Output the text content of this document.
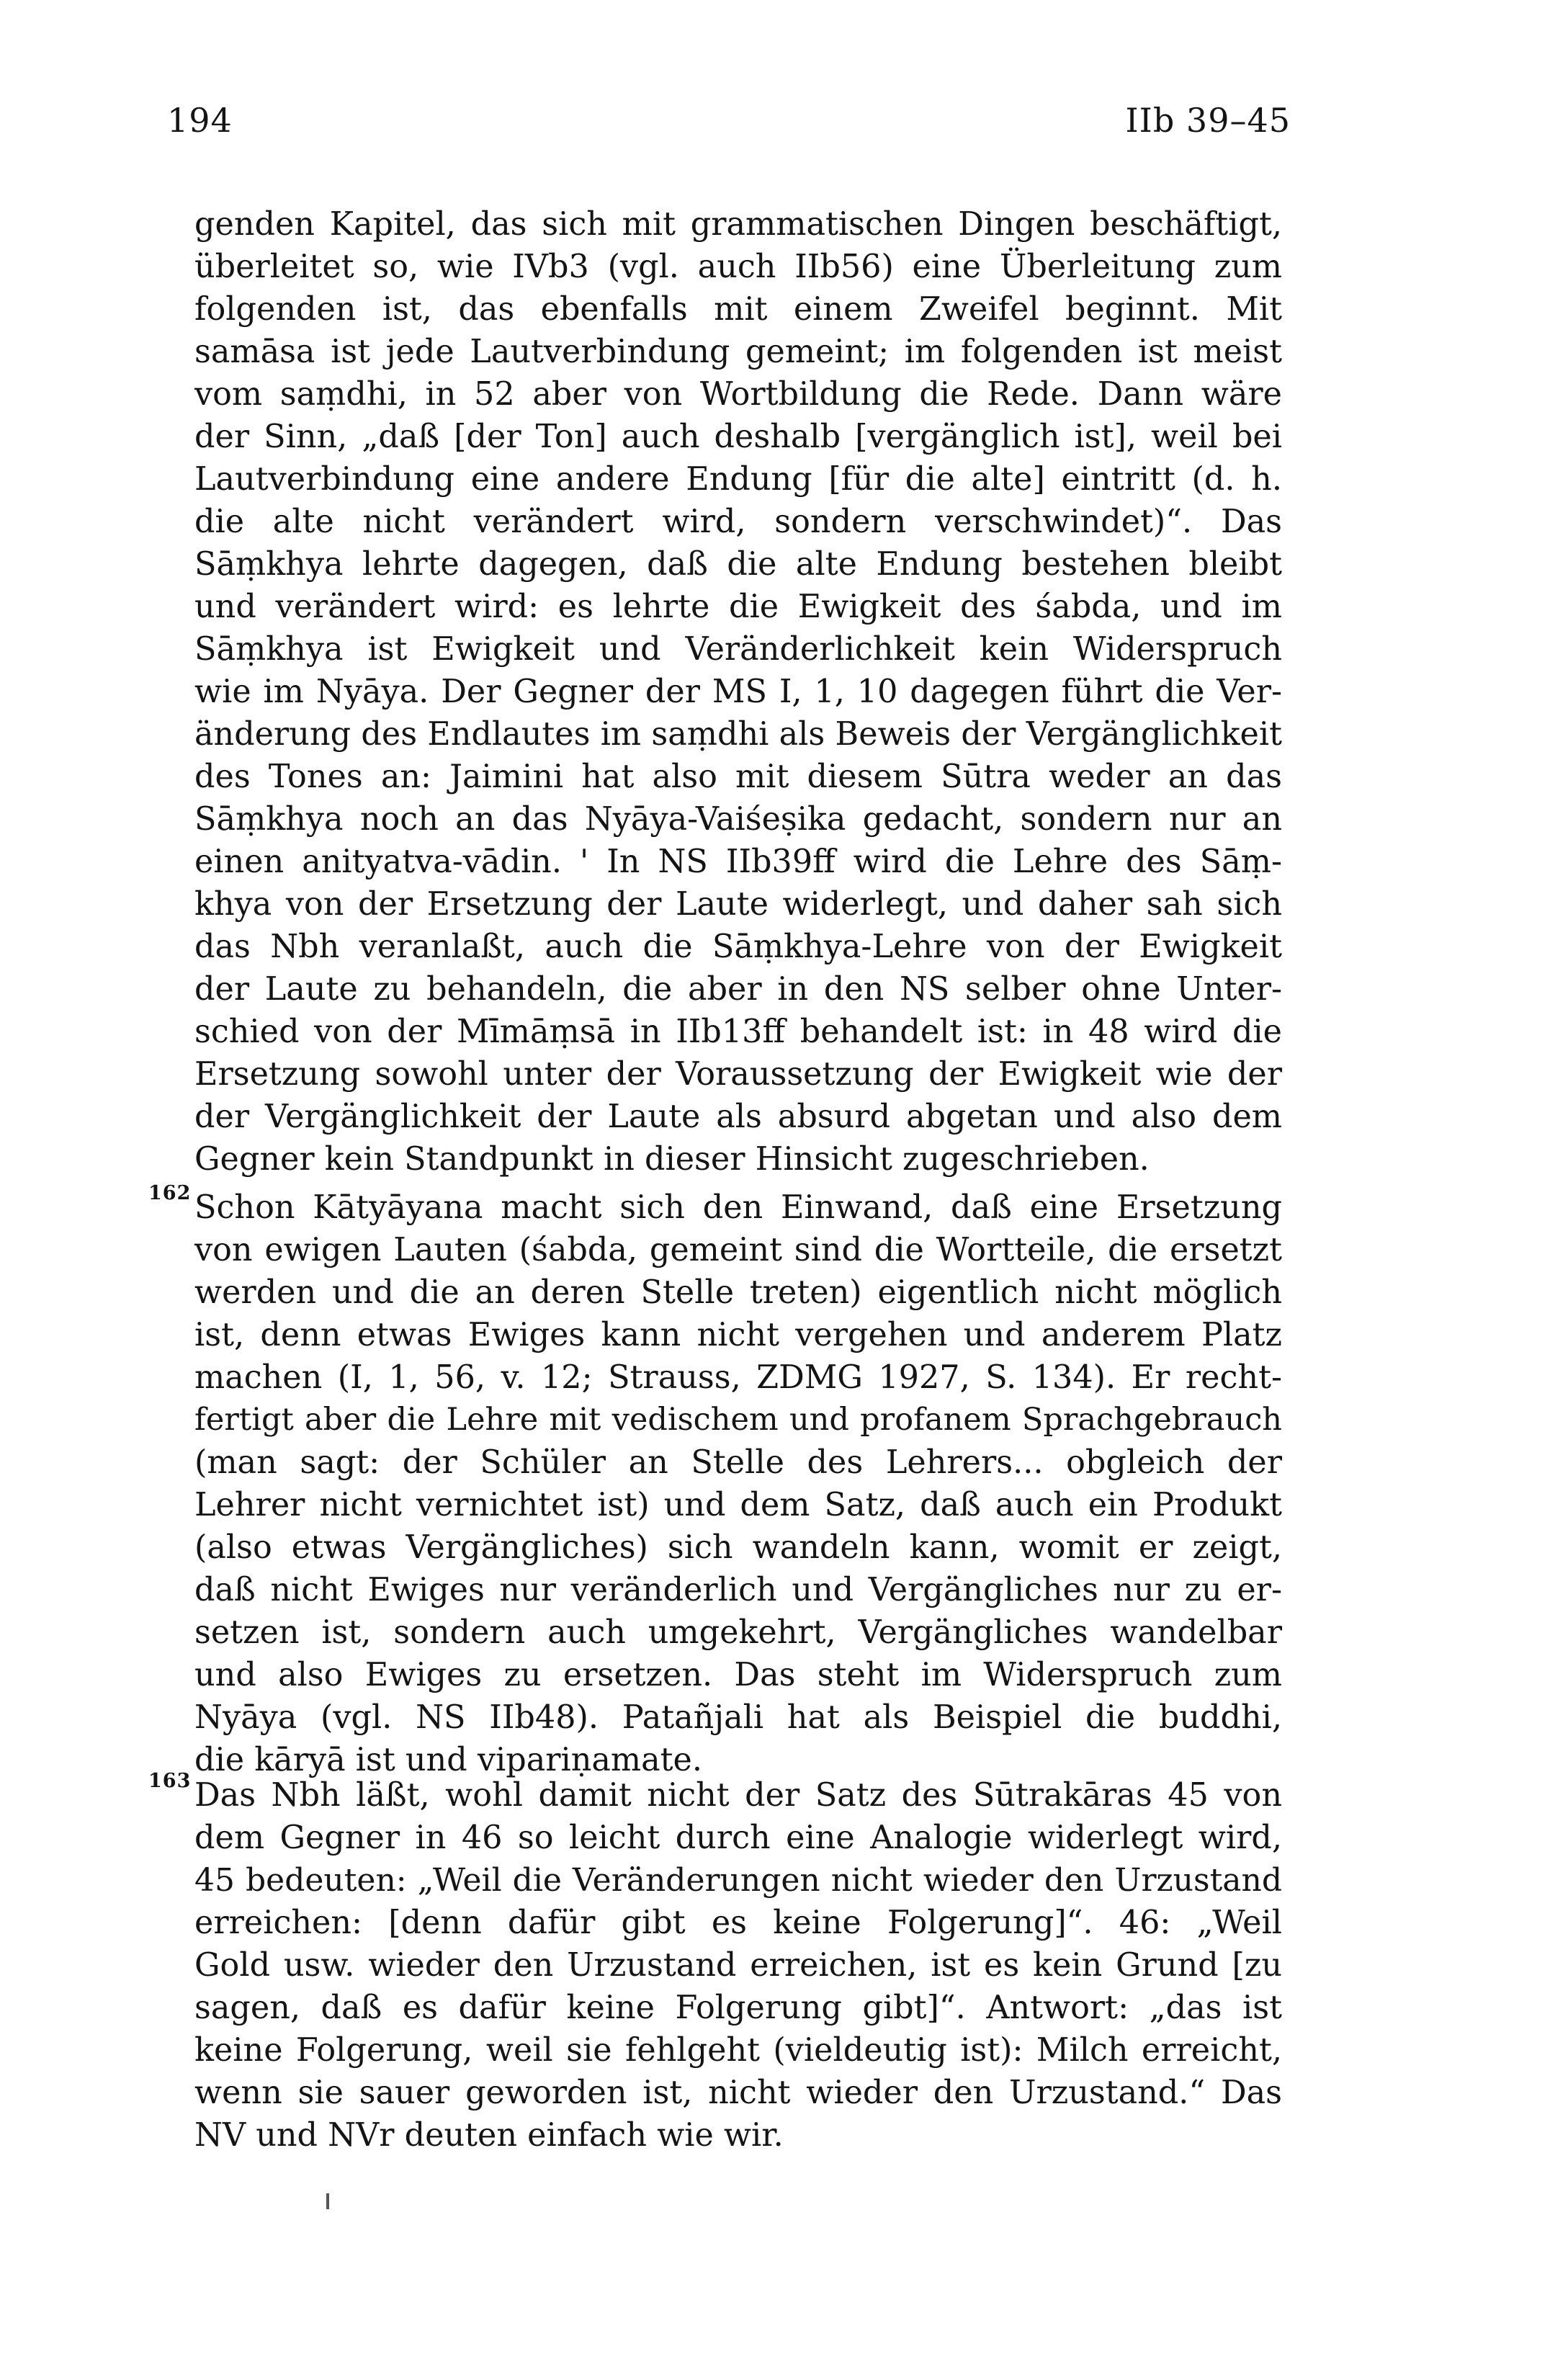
194	IIb 39–45
genden Kapitel, das sich mit grammatischen Dingen beschäftigt,
überleitet so, wie IVb3 (vgl. auch IIb56) eine Überleitung zum
folgenden ist, das ebenfalls mit einem Zweifel beginnt. Mit
samāsa ist jede Lautverbindung gemeint; im folgenden ist meist
vom saṃdhi, in 52 aber von Wortbildung die Rede. Dann wäre
der Sinn, „daß [der Ton] auch deshalb [vergänglich ist], weil bei
Lautverbindung eine andere Endung [für die alte] eintritt (d. h.
die alte nicht verändert wird, sondern verschwindet)“. Das
Sāṃkhya lehrte dagegen, daß die alte Endung bestehen bleibt
und verändert wird: es lehrte die Ewigkeit des śabda, und im
Sāṃkhya ist Ewigkeit und Veränderlichkeit kein Widerspruch
wie im Nyāya. Der Gegner der MS I, 1, 10 dagegen führt die Ver-
änderung des Endlautes im saṃdhi als Beweis der Vergänglichkeit
des Tones an: Jaimini hat also mit diesem Sūtra weder an das
Sāṃkhya noch an das Nyāya-Vaiśeṣika gedacht, sondern nur an
einen anityatva-vādin. ' In NS IIb39ff wird die Lehre des Sāṃ-
khya von der Ersetzung der Laute widerlegt, und daher sah sich
das Nbh veranlaßt, auch die Sāṃkhya-Lehre von der Ewigkeit
der Laute zu behandeln, die aber in den NS selber ohne Unter-
schied von der Mīmāṃsā in IIb13ff behandelt ist: in 48 wird die
Ersetzung sowohl unter der Voraussetzung der Ewigkeit wie der
der Vergänglichkeit der Laute als absurd abgetan und also dem
Gegner kein Standpunkt in dieser Hinsicht zugeschrieben.
162 Schon Kātyāyana macht sich den Einwand, daß eine Ersetzung
von ewigen Lauten (śabda, gemeint sind die Wortteile, die ersetzt
werden und die an deren Stelle treten) eigentlich nicht möglich
ist, denn etwas Ewiges kann nicht vergehen und anderem Platz
machen (I, 1, 56, v. 12; Strauss, ZDMG 1927, S. 134). Er recht-
fertigt aber die Lehre mit vedischem und profanem Sprachgebrauch
(man sagt: der Schüler an Stelle des Lehrers... obgleich der
Lehrer nicht vernichtet ist) und dem Satz, daß auch ein Produkt
(also etwas Vergängliches) sich wandeln kann, womit er zeigt,
daß nicht Ewiges nur veränderlich und Vergängliches nur zu er-
setzen ist, sondern auch umgekehrt, Vergängliches wandelbar
und also Ewiges zu ersetzen. Das steht im Widerspruch zum
Nyāya (vgl. NS IIb48). Patañjali hat als Beispiel die buddhi,
die kāryā ist und vipariṇamate.
163 Das Nbh läßt, wohl damit nicht der Satz des Sūtrakāras 45 von
dem Gegner in 46 so leicht durch eine Analogie widerlegt wird,
45 bedeuten: „Weil die Veränderungen nicht wieder den Urzustand
erreichen: [denn dafür gibt es keine Folgerung]“. 46: „Weil
Gold usw. wieder den Urzustand erreichen, ist es kein Grund [zu
sagen, daß es dafür keine Folgerung gibt]“. Antwort: „das ist
keine Folgerung, weil sie fehlgeht (vieldeutig ist): Milch erreicht,
wenn sie sauer geworden ist, nicht wieder den Urzustand.“ Das
NV und NVr deuten einfach wie wir.
